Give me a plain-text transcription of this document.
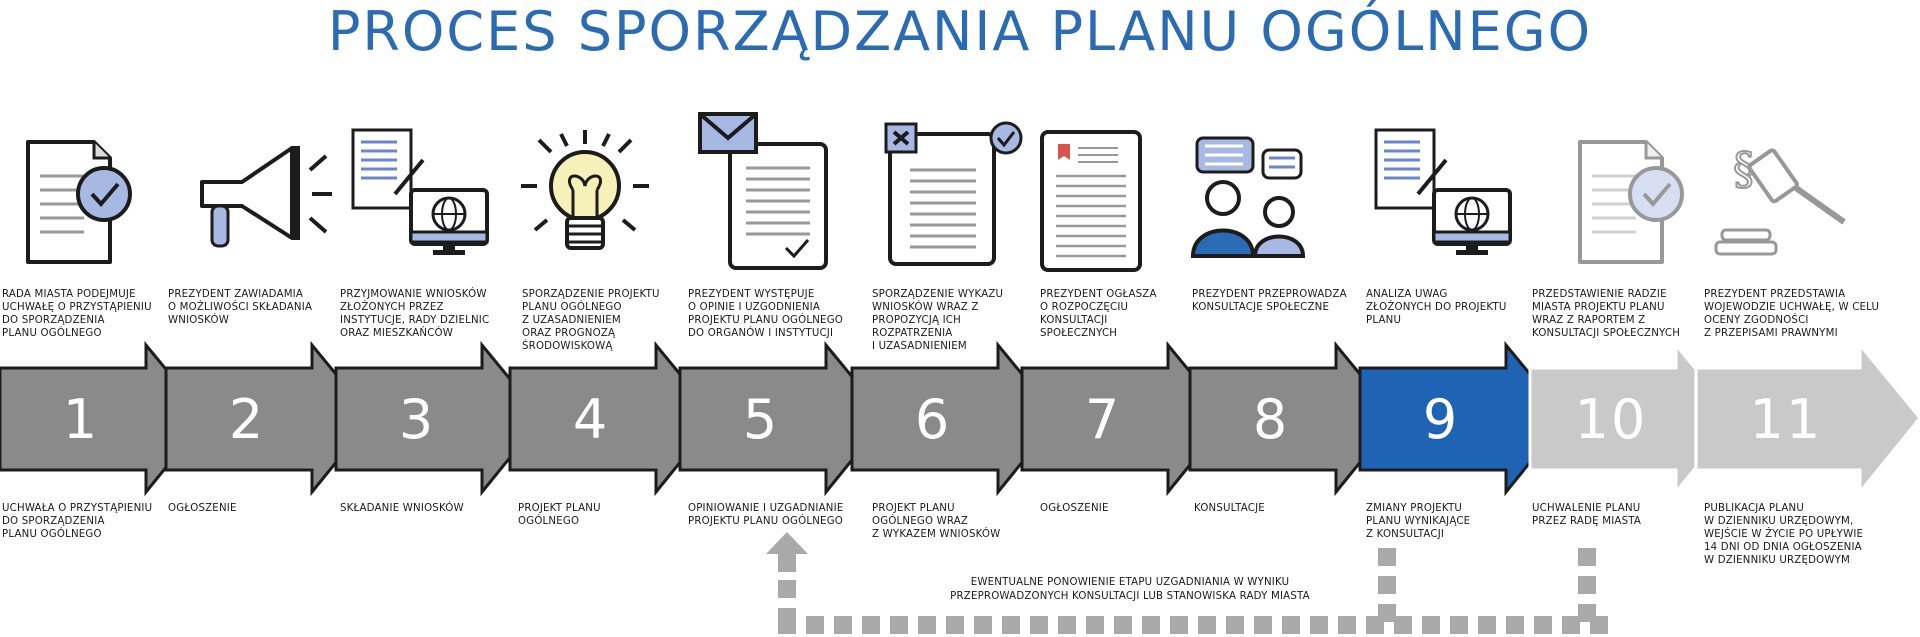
PROCES SPORZĄDZANIA PLANU OGÓLNEGO
1 2 3	4 5	6 7 8 9 10 11
§
EWENTUALNE PONOWIENIE ETAPU UZGADNIANIA W WYNIKU
PRZEPROWADZONYCH KONSULTACJI LUB STANOWISKA RADY MIASTA
RADA MIASTA PODEJMUJE
UCHWAŁĘ O PRZYSTĄPIENIU
DO SPORZĄDZENIA
PLANU OGÓLNEGO
UCHWAŁA O PRZYSTĄPIENIU
DO SPORZĄDZENIA
PLANU OGÓLNEGO
PREZYDENT ZAWIADAMIA
O MOŻLIWOŚCI SKŁADANIA
WNIOSKÓW
OGŁOSZENIE
PRZYJMOWANIE WNIOSKÓW
ZŁOŻONYCH PRZEZ
INSTYTUCJE, RADY DZIELNIC
ORAZ MIESZKAŃCÓW
SKŁADANIE WNIOSKÓW
SPORZĄDZENIE PROJEKTU
PLANU OGÓLNEGO
Z UZASADNIENIEM
ORAZ PROGNOZĄ
ŚRODOWISKOWĄ
PROJEKT PLANU
OGÓLNEGO
PREZYDENT WYSTĘPUJE
O OPINIE I UZGODNIENIA
PROJEKTU PLANU OGÓLNEGO
DO ORGANÓW I INSTYTUCJI
OPINIOWANIE I UZGADNIANIE
PROJEKTU PLANU OGÓLNEGO
SPORZĄDZENIE WYKAZU
WNIOSKÓW WRAZ Z
PROPOZYCJĄ ICH
ROZPATRZENIA
I UZASADNIENIEM
PROJEKT PLANU
OGÓLNEGO WRAZ
Z WYKAZEM WNIOSKÓW
PREZYDENT OGŁASZA
O ROZPOCZĘCIU
KONSULTACJI
SPOŁECZNYCH
OGŁOSZENIE
PREZYDENT PRZEPROWADZA
KONSULTACJE SPOŁECZNE
KONSULTACJE
ANALIZA UWAG
ZŁOŻONYCH DO PROJEKTU
PLANU
ZMIANY PROJEKTU
PLANU WYNIKAJĄCE
Z KONSULTACJI
PRZEDSTAWIENIE RADZIE
MIASTA PROJEKTU PLANU
WRAZ Z RAPORTEM Z
KONSULTACJI SPOŁECZNYCH
UCHWALENIE PLANU
PRZEZ RADĘ MIASTA
PREZYDENT PRZEDSTAWIA
WOJEWODZIE UCHWAŁĘ, W CELU
OCENY ZGODNOŚCI
Z PRZEPISAMI PRAWNYMI
PUBLIKACJA PLANU
W DZIENNIKU URZĘDOWYM,
WEJŚCIE W ŻYCIE PO UPŁYWIE
14 DNI OD DNIA OGŁOSZENIA
W DZIENNIKU URZĘDOWYM
